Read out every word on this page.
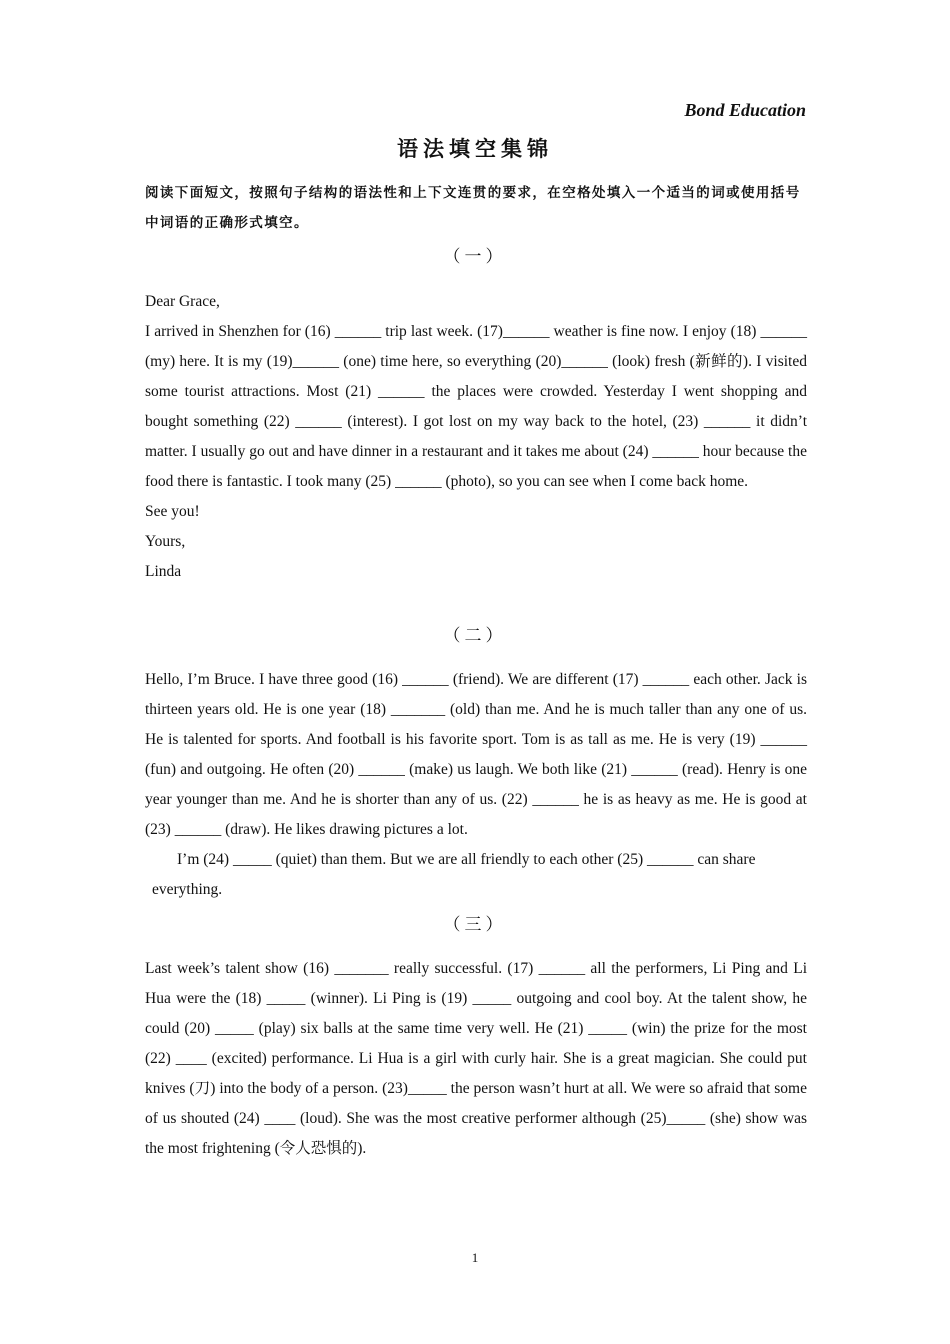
Bond Education
语法填空集锦
阅读下面短文，按照句子结构的语法性和上下文连贯的要求，在空格处填入一个适当的词或使用括号中词语的正确形式填空。
（一）

Dear Grace,

I arrived in Shenzhen for (16) ______ trip last week. (17)______ weather is fine now. I enjoy (18) ______ (my) here. It is my (19)______ (one) time here, so everything (20)______ (look) fresh (新鲜的). I visited some tourist attractions. Most (21) ______ the places were crowded. Yesterday I went shopping and bought something (22) ______ (interest). I got lost on my way back to the hotel, (23) ______ it didn’t matter. I usually go out and have dinner in a restaurant and it takes me about (24) ______ hour because the food there is fantastic. I took many (25) ______ (photo), so you can see when I come back home.

See you!

Yours,

Linda

（二）

Hello, I’m Bruce. I have three good (16) ______ (friend). We are different (17) ______ each other. Jack is thirteen years old. He is one year (18) _______ (old) than me. And he is much taller than any one of us. He is talented for sports. And football is his favorite sport. Tom is as tall as me. He is very (19) ______ (fun) and outgoing. He often (20) ______ (make) us laugh. We both like (21) ______ (read). Henry is one year younger than me. And he is shorter than any of us. (22) ______ he is as heavy as me. He is good at (23) ______ (draw). He likes drawing pictures a lot.

I’m (24) _____ (quiet) than them. But we are all friendly to each other (25) ______ can share

everything.

（三）

Last week’s talent show (16) _______ really successful. (17) ______ all the performers, Li Ping and Li Hua were the (18) _____ (winner). Li Ping is (19) _____ outgoing and cool boy. At the talent show, he could (20) _____ (play) six balls at the same time very well. He (21) _____ (win) the prize for the most (22) ____ (excited) performance. Li Hua is a girl with curly hair. She is a great magician. She could put knives (刀) into the body of a person. (23)_____ the person wasn’t hurt at all. We were so afraid that some of us shouted (24) ____ (loud). She was the most creative performer although (25)_____ (she) show was the most frightening (令人恐惧的).

1
